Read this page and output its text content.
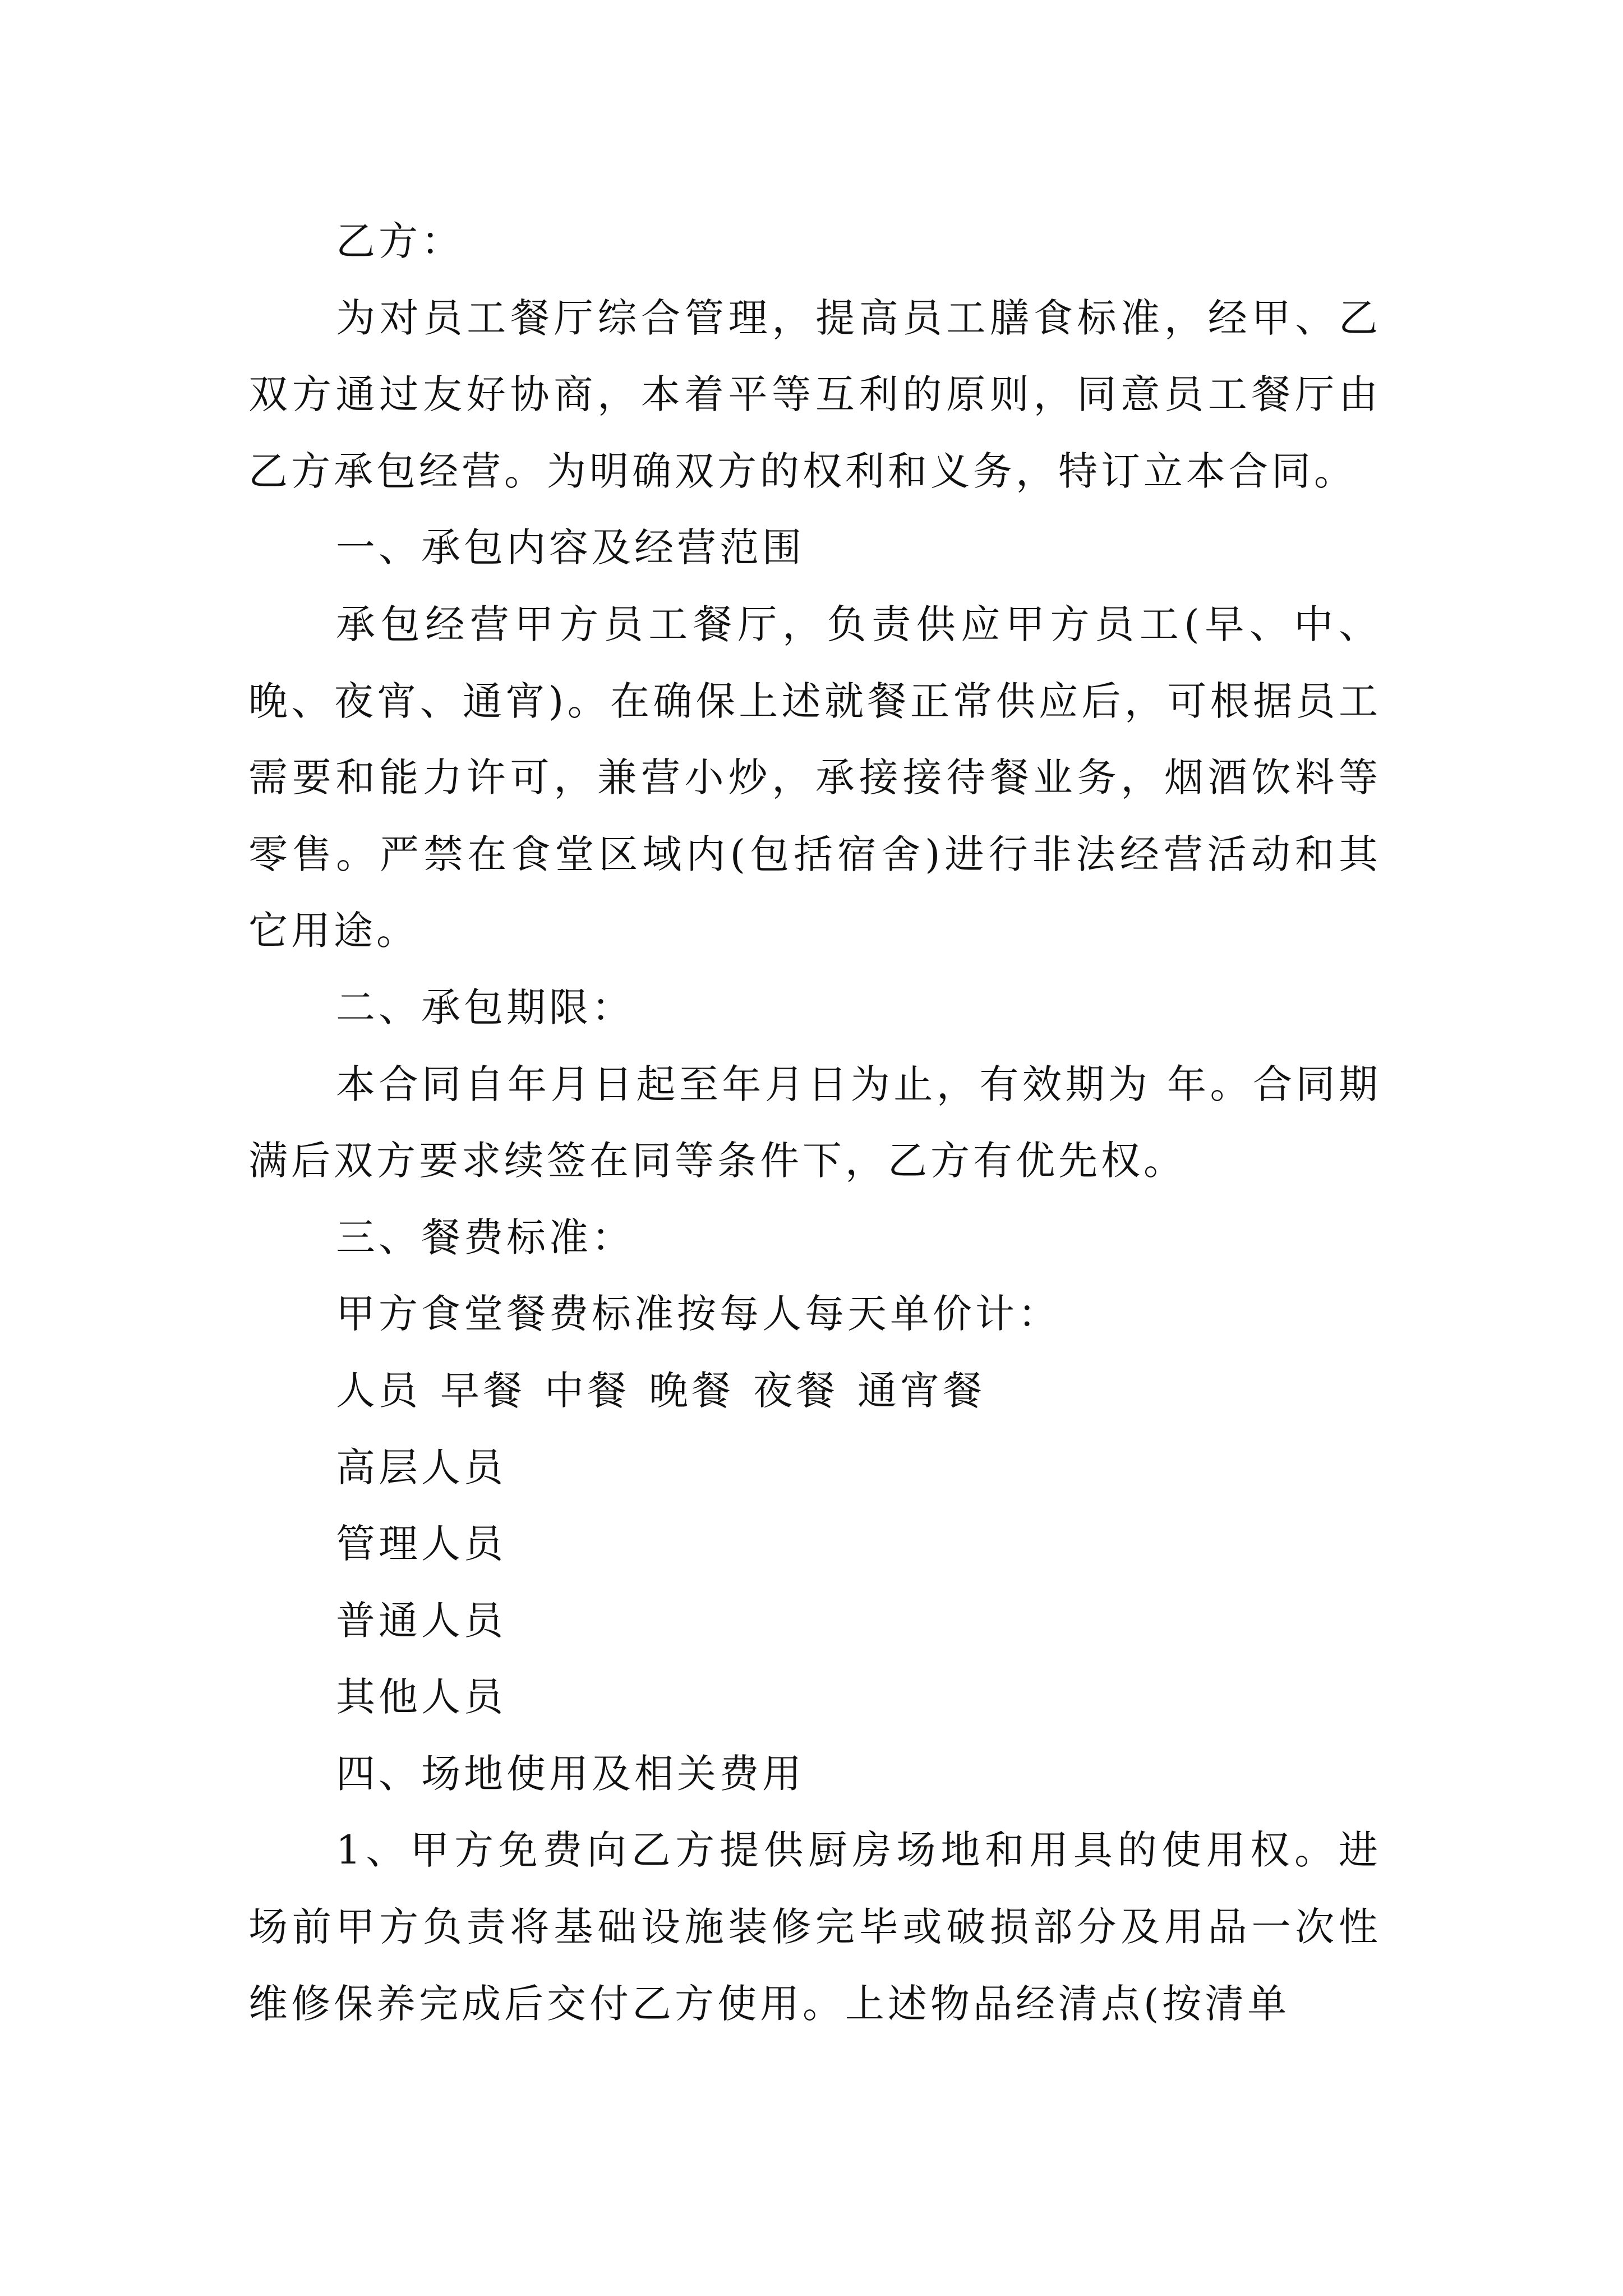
乙方：

为对员工餐厅综合管理，提高员工膳食标准，经甲、乙双方通过友好协商，本着平等互利的原则，同意员工餐厅由乙方承包经营。为明确双方的权利和义务，特订立本合同。

一、承包内容及经营范围

承包经营甲方员工餐厅，负责供应甲方员工(早、中、晚、夜宵、通宵)。在确保上述就餐正常供应后，可根据员工需要和能力许可，兼营小炒，承接接待餐业务，烟酒饮料等零售。严禁在食堂区域内(包括宿舍)进行非法经营活动和其它用途。

二、承包期限：

本合同自年月日起至年月日为止，有效期为 年。合同期满后双方要求续签在同等条件下，乙方有优先权。

三、餐费标准：

甲方食堂餐费标准按每人每天单价计：

人员 早餐 中餐 晚餐 夜餐 通宵餐

高层人员

管理人员

普通人员

其他人员

四、场地使用及相关费用

1、甲方免费向乙方提供厨房场地和用具的使用权。进场前甲方负责将基础设施装修完毕或破损部分及用品一次性维修保养完成后交付乙方使用。上述物品经清点(按清单
